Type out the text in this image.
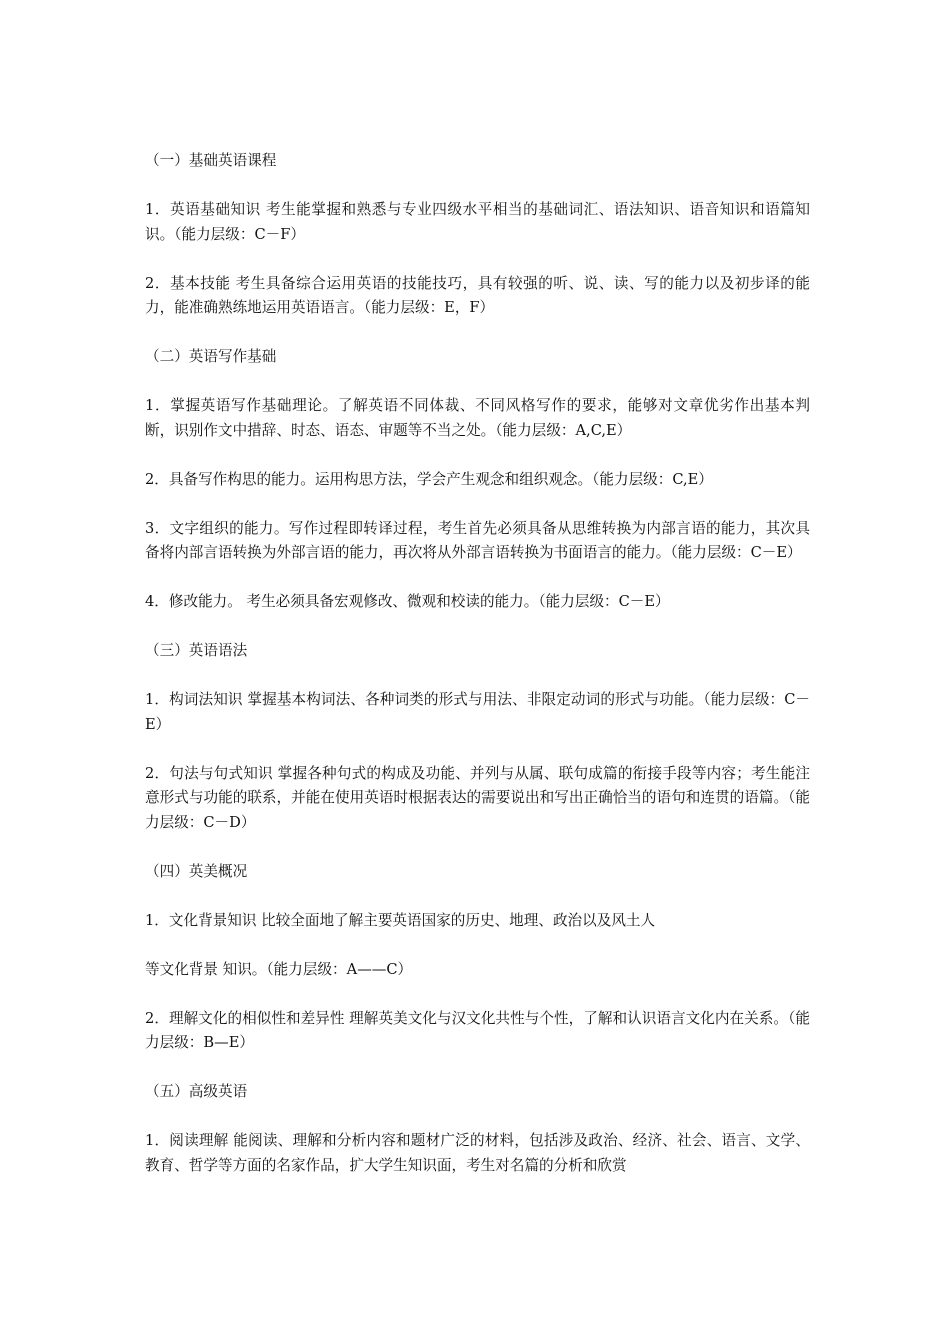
（一）基础英语课程

1．英语基础知识 考生能掌握和熟悉与专业四级水平相当的基础词汇、语法知识、语音知识和语篇知识。（能力层级：C－F）

2．基本技能 考生具备综合运用英语的技能技巧，具有较强的听、说、读、写的能力以及初步译的能力，能准确熟练地运用英语语言。（能力层级：E，F）

（二）英语写作基础

1．掌握英语写作基础理论。了解英语不同体裁、不同风格写作的要求，能够对文章优劣作出基本判断，识别作文中措辞、时态、语态、审题等不当之处。（能力层级：A,C,E）

2．具备写作构思的能力。运用构思方法，学会产生观念和组织观念。（能力层级：C,E）

3．文字组织的能力。写作过程即转译过程，考生首先必须具备从思维转换为内部言语的能力，其次具备将内部言语转换为外部言语的能力，再次将从外部言语转换为书面语言的能力。（能力层级：C－E）

4．修改能力。 考生必须具备宏观修改、微观和校读的能力。（能力层级：C－E）

（三）英语语法

1．构词法知识 掌握基本构词法、各种词类的形式与用法、非限定动词的形式与功能。（能力层级：C－E）

2．句法与句式知识 掌握各种句式的构成及功能、并列与从属、联句成篇的衔接手段等内容；考生能注意形式与功能的联系，并能在使用英语时根据表达的需要说出和写出正确恰当的语句和连贯的语篇。（能力层级：C－D）

（四）英美概况

1．文化背景知识 比较全面地了解主要英语国家的历史、地理、政治以及风土人

等文化背景 知识。（能力层级：A——C）

2．理解文化的相似性和差异性 理解英美文化与汉文化共性与个性，了解和认识语言文化内在关系。（能力层级：B—E）

（五）高级英语

1．阅读理解 能阅读、理解和分析内容和题材广泛的材料，包括涉及政治、经济、社会、语言、文学、教育、哲学等方面的名家作品，扩大学生知识面，考生对名篇的分析和欣赏
